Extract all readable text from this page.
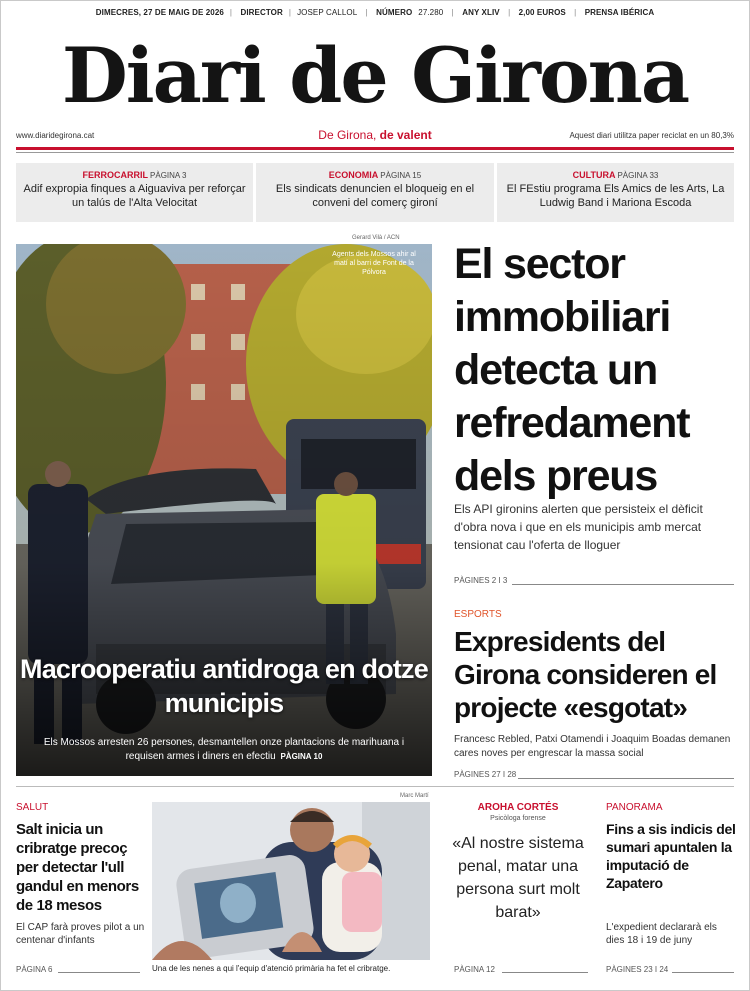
DIMECRES, 27 DE MAIG DE 2026 | DIRECTOR | JOSEP CALLOL | NÚMERO 27.280 | ANY XLIV | 2,00 EUROS | PRENSA IBÉRICA
Diari de Girona
www.diaridegirona.cat	De Girona, de valent	Aquest diari utilitza paper reciclat en un 80,3%
FERROCARRIL PÀGINA 3
Adif expropia finques a Aiguaviva per reforçar un talús de l'Alta Velocitat
ECONOMIA PÀGINA 15
Els sindicats denuncien el bloqueig en el conveni del comerç gironí
CULTURA PÀGINA 33
El FEstiu programa Els Amics de les Arts, La Ludwig Band i Mariona Escoda
Gerard Vilà / ACN
Agents dels Mossos ahir al matí al barri de Font de la Pólvora
Macrooperatiu antidroga en dotze municipis
Els Mossos arresten 26 persones, desmantellen onze plantacions de marihuana i requisen armes i diners en efectiu PÀGINA 10
El sector immobiliari detecta un refredament dels preus
Els API gironins alerten que persisteix el dèficit d'obra nova i que en els municipis amb mercat tensionat cau l'oferta de lloguer
PÀGINES 2 I 3
ESPORTS
Expresidents del Girona consideren el projecte «esgotat»
Francesc Rebled, Patxi Otamendi i Joaquim Boadas demanen cares noves per engrescar la massa social
PÀGINES 27 I 28
SALUT
Salt inicia un cribratge precoç per detectar l'ull gandul en menors de 18 mesos
El CAP farà proves pilot a un centenar d'infants
PÀGINA 6
Marc Martí
Una de les nenes a qui l'equip d'atenció primària ha fet el cribratge.
AROHA CORTÉS
Psicòloga forense
«Al nostre sistema penal, matar una persona surt molt barat»
PÀGINA 12
PANORAMA
Fins a sis indicis del sumari apuntalen la imputació de Zapatero
L'expedient declararà els dies 18 i 19 de juny
PÀGINES 23 I 24
